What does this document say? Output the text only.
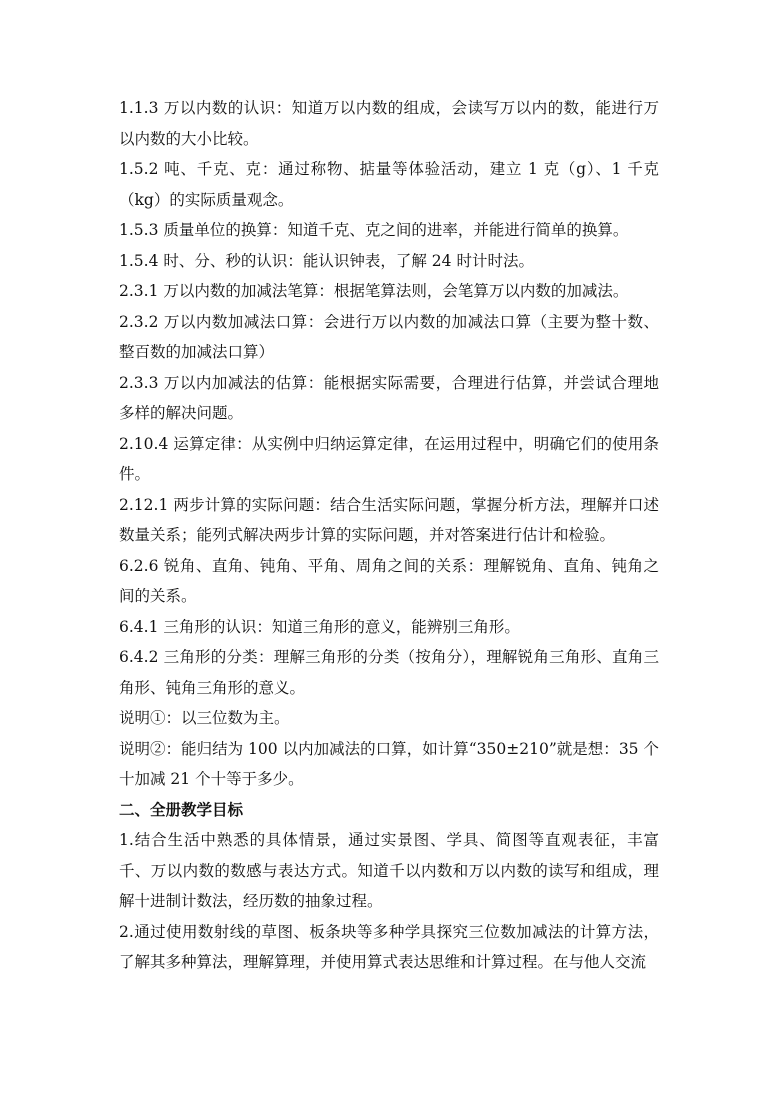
1.1.3 万以内数的认识：知道万以内数的组成，会读写万以内的数，能进行万以内数的大小比较。

1.5.2 吨、千克、克：通过称物、掂量等体验活动，建立 1 克（g）、1 千克（kg）的实际质量观念。

1.5.3 质量单位的换算：知道千克、克之间的进率，并能进行简单的换算。

1.5.4 时、分、秒的认识：能认识钟表，了解 24 时计时法。

2.3.1 万以内数的加减法笔算：根据笔算法则，会笔算万以内数的加减法。

2.3.2 万以内数加减法口算：会进行万以内数的加减法口算（主要为整十数、整百数的加减法口算）

2.3.3 万以内加减法的估算：能根据实际需要，合理进行估算，并尝试合理地多样的解决问题。

2.10.4 运算定律：从实例中归纳运算定律，在运用过程中，明确它们的使用条件。

2.12.1 两步计算的实际问题：结合生活实际问题，掌握分析方法，理解并口述数量关系；能列式解决两步计算的实际问题，并对答案进行估计和检验。

6.2.6 锐角、直角、钝角、平角、周角之间的关系：理解锐角、直角、钝角之间的关系。

6.4.1 三角形的认识：知道三角形的意义，能辨别三角形。

6.4.2 三角形的分类：理解三角形的分类（按角分），理解锐角三角形、直角三角形、钝角三角形的意义。

说明①：以三位数为主。

说明②：能归结为 100 以内加减法的口算，如计算“350±210”就是想：35 个十加减 21 个十等于多少。

二、全册教学目标

1.结合生活中熟悉的具体情景，通过实景图、学具、简图等直观表征，丰富千、万以内数的数感与表达方式。知道千以内数和万以内数的读写和组成，理解十进制计数法，经历数的抽象过程。

2.通过使用数射线的草图、板条块等多种学具探究三位数加减法的计算方法，了解其多种算法，理解算理，并使用算式表达思维和计算过程。在与他人交流
